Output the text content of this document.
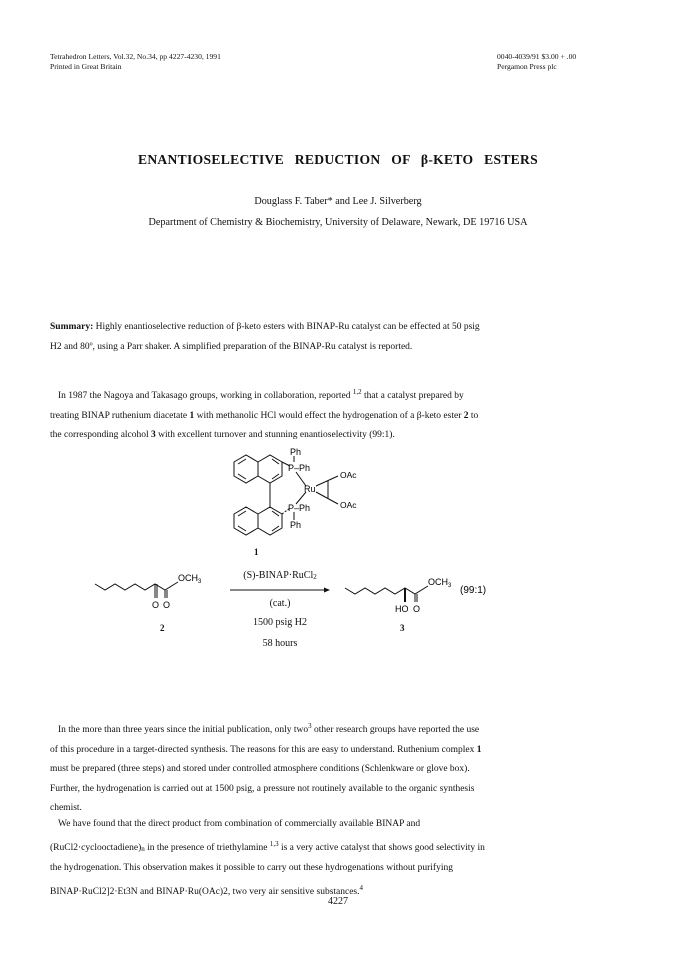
Tetrahedron Letters, Vol.32, No.34, pp 4227-4230, 1991
Printed in Great Britain
0040-4039/91 $3.00 + .00
Pergamon Press plc
ENANTIOSELECTIVE REDUCTION OF β-KETO ESTERS
Douglass F. Taber* and Lee J. Silverberg
Department of Chemistry & Biochemistry, University of Delaware, Newark, DE 19716 USA
Summary: Highly enantioselective reduction of β-keto esters with BINAP-Ru catalyst can be effected at 50 psig
H2 and 80º, using a Parr shaker. A simplified preparation of the BINAP-Ru catalyst is reported.
In 1987 the Nagoya and Takasago groups, working in collaboration, reported $^{1,2}$ that a catalyst prepared by
treating BINAP ruthenium diacetate 1 with methanolic HCl would effect the hydrogenation of a β-keto ester 2 to
the corresponding alcohol 3 with excellent turnover and stunning enantioselectivity (99:1).
Ph
P–Ph
Ru
OAc
P–Ph	OAc
Ph
1
$OCH_3$
O O
2
(S)-BINAP·RuCl2
(cat.)
1500 psig H2
58 hours
$OCH_3$
HO O
(99:1)
3
In the more than three years since the initial publication, only two$^3$ other research groups have reported the use
of this procedure in a target-directed synthesis. The reasons for this are easy to understand. Ruthenium complex 1
must be prepared (three steps) and stored under controlled atmosphere conditions (Schlenkware or glove box).
Further, the hydrogenation is carried out at 1500 psig, a pressure not routinely available to the organic synthesis
chemist.
We have found that the direct product from combination of commercially available BINAP and
(RuCl2·cyclooctadiene)n in the presence of triethylamine $^{1,3}$ is a very active catalyst that shows good selectivity in
the hydrogenation. This observation makes it possible to carry out these hydrogenations without purifying
BINAP·RuCl2]2·Et3N and BINAP·Ru(OAc)2, two very air sensitive substances.$^4$
4227
